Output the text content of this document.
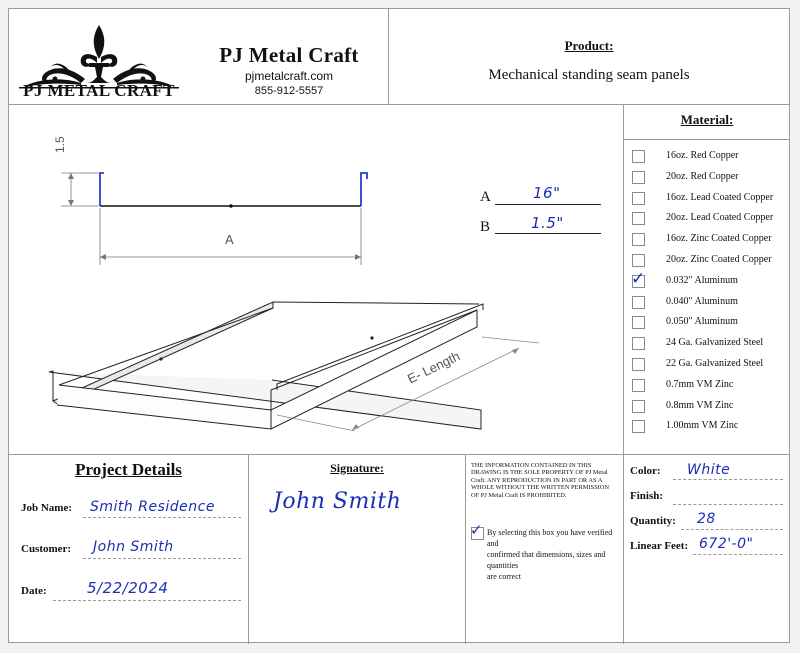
PJ METAL CRAFT
PJ Metal Craft
pjmetalcraft.com
855-912-5557
Product:
Mechanical standing seam panels
1.5
A
E- Length
A	16"
B	1.5"
Material:
Project Details
Job Name: Smith Residence
Customer: John Smith
Date:	5/22/2024
Signature:
John Smith
THE INFORMATION CONTAINED IN THIS DRAWING IS THE SOLE PROPERTY OF PJ Metal Craft. ANY REPRODUCTION IN PART OR AS A WHOLE WITHOUT THE WRITTEN PERMISSION OF PJ Metal Craft IS PROHIBITED.
✓ By selecting this box you have verified and
confirmed that dimensions, sizes and quantities
are correct
Color: White
Finish:
Quantity: 28
Linear Feet: 672'-0"
16oz. Red Copper
20oz. Red Copper
16oz. Lead Coated Copper
20oz. Lead Coated Copper
16oz. Zinc Coated Copper
20oz. Zinc Coated Copper
✓ 0.032" Aluminum
0.040" Aluminum
0.050" Aluminum
24 Ga. Galvanized Steel
22 Ga. Galvanized Steel
0.7mm VM Zinc
0.8mm VM Zinc
1.00mm VM Zinc
